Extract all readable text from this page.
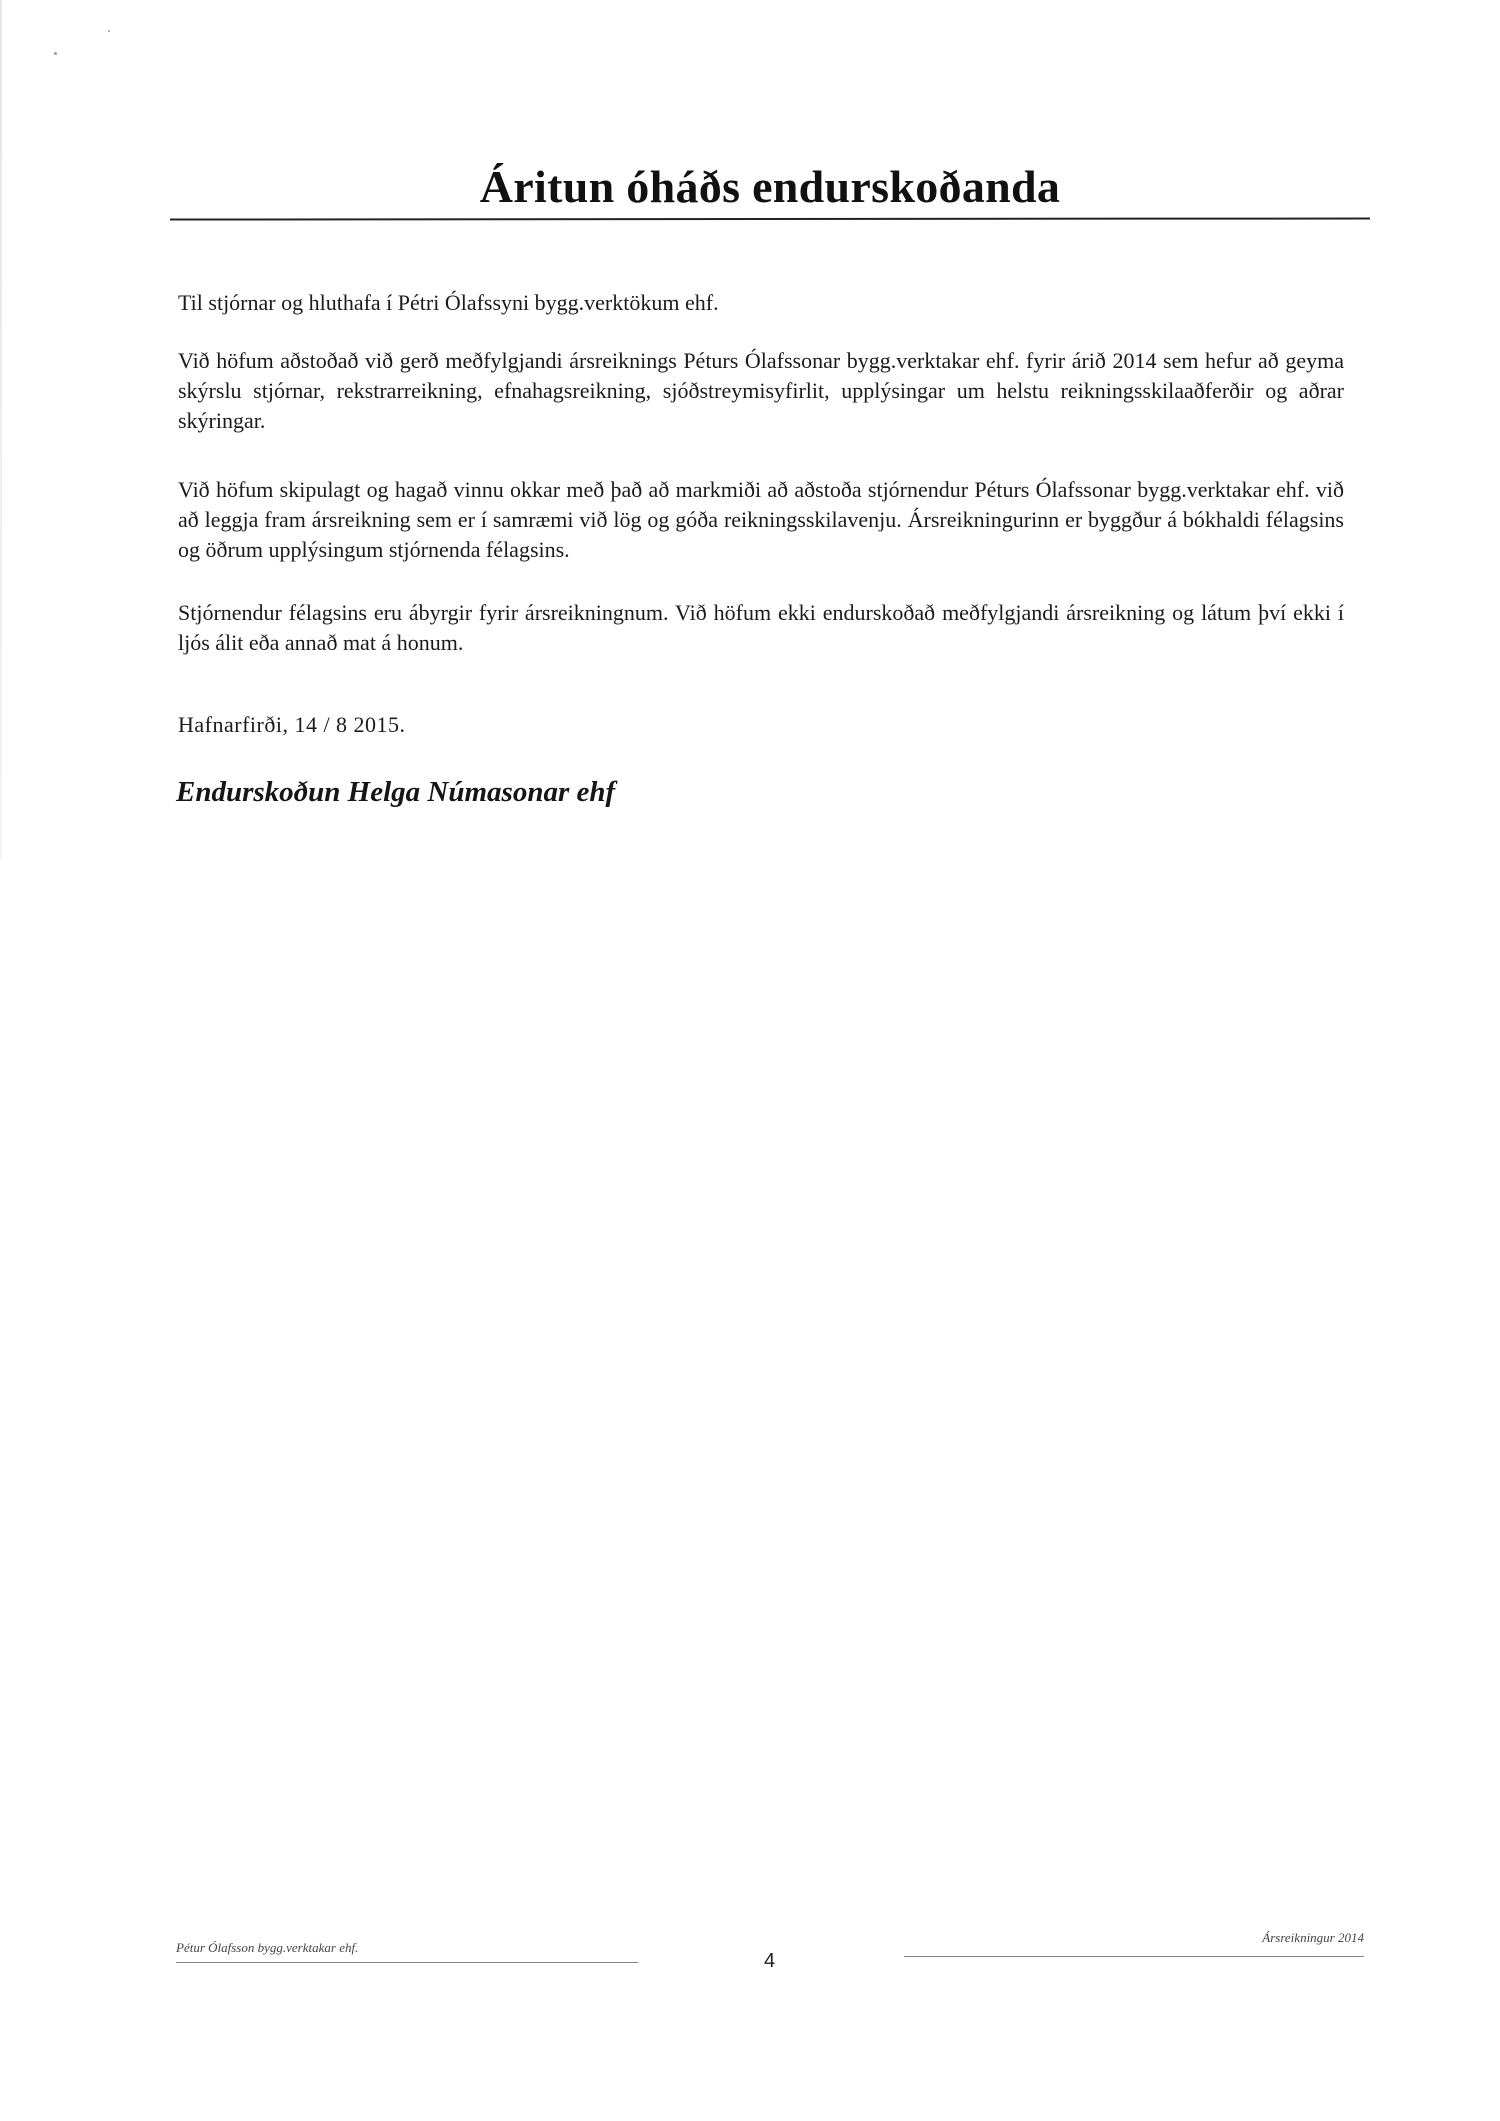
Áritun óháðs endurskoðanda

Til stjórnar og hluthafa í Pétri Ólafssyni bygg.verktökum ehf.

Við höfum aðstoðað við gerð meðfylgjandi ársreiknings Péturs Ólafssonar bygg.verktakar ehf. fyrir árið 2014 sem hefur að geyma skýrslu stjórnar, rekstrarreikning, efnahagsreikning, sjóðstreymisyfirlit, upplýsingar um helstu reikningsskilaaðferðir og aðrar skýringar.

Við höfum skipulagt og hagað vinnu okkar með það að markmiði að aðstoða stjórnendur Péturs Ólafssonar bygg.verktakar ehf. við að leggja fram ársreikning sem er í samræmi við lög og góða reikningsskilavenju. Ársreikningurinn er byggður á bókhaldi félagsins og öðrum upplýsingum stjórnenda félagsins.

Stjórnendur félagsins eru ábyrgir fyrir ársreikningnum. Við höfum ekki endurskoðað meðfylgjandi ársreikning og látum því ekki í ljós álit eða annað mat á honum.

Hafnarfirði, 14 / 8 2015.

Endurskoðun Helga Númasonar ehf

Pétur Ólafsson bygg.verktakar ehf.
4
Ársreikningur 2014
